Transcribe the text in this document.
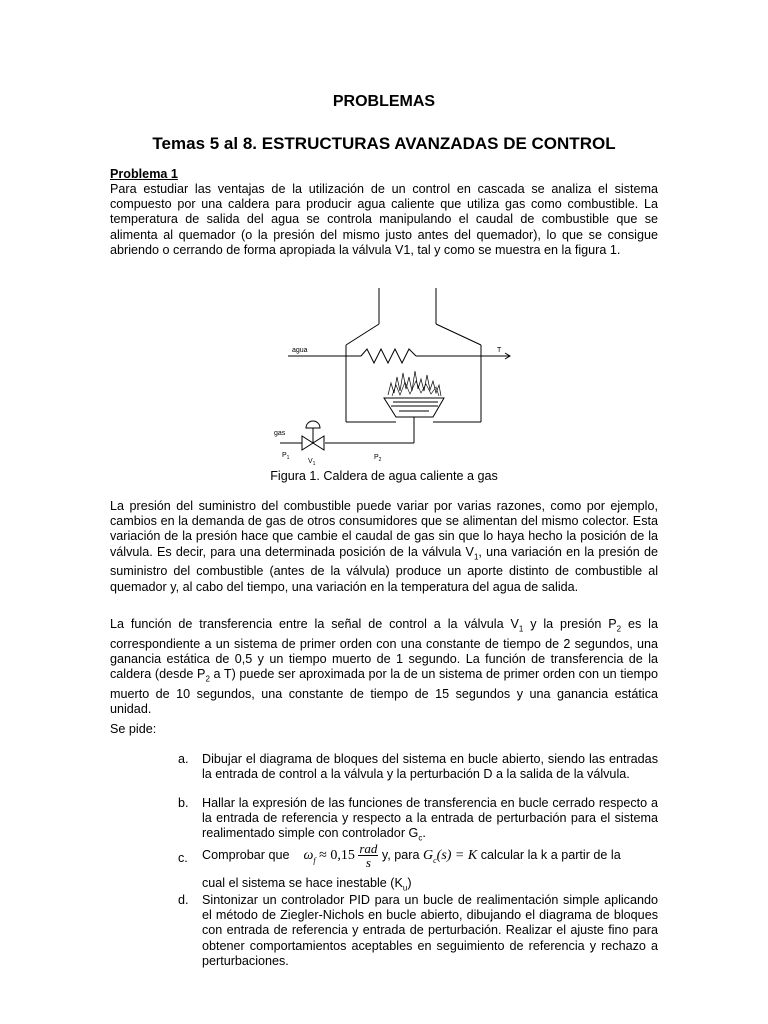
PROBLEMAS
Temas 5 al 8. ESTRUCTURAS AVANZADAS DE CONTROL
Problema 1

Para estudiar las ventajas de la utilización de un control en cascada se analiza el sistema compuesto por una caldera para producir agua caliente que utiliza gas como combustible. La temperatura de salida del agua se controla manipulando el caudal de combustible que se alimenta al quemador (o la presión del mismo justo antes del quemador), lo que se consigue abriendo o cerrando de forma apropiada la válvula V1, tal y como se muestra en la figura 1.

agua	T
gas
$P_1$	$V_1$
$P_2$
Figura 1. Caldera de agua caliente a gas

La presión del suministro del combustible puede variar por varias razones, como por ejemplo, cambios en la demanda de gas de otros consumidores que se alimentan del mismo colector. Esta variación de la presión hace que cambie el caudal de gas sin que lo haya hecho la posición de la válvula. Es decir, para una determinada posición de la válvula $V_1$, una variación en la presión de suministro del combustible (antes de la válvula) produce un aporte distinto de combustible al quemador y, al cabo del tiempo, una variación en la temperatura del agua de salida.

La función de transferencia entre la señal de control a la válvula $V_1$ y la presión $P_2$ es la correspondiente a un sistema de primer orden con una constante de tiempo de 2 segundos, una ganancia estática de 0,5 y un tiempo muerto de 1 segundo. La función de transferencia de la caldera (desde $P_2$ a T) puede ser aproximada por la de un sistema de primer orden con un tiempo muerto de 10 segundos, una constante de tiempo de 15 segundos y una ganancia estática unidad.

Se pide:
a.	Dibujar el diagrama de bloques del sistema en bucle abierto, siendo las entradas la entrada de control a la válvula y la perturbación D a la salida de la válvula.
b.	Hallar la expresión de las funciones de transferencia en bucle cerrado respecto a la entrada de referencia y respecto a la entrada de perturbación para el sistema realimentado simple con controlador $G_c$.
c.	Comprobar que $\omega_f \approx 0,15 \frac{\text{rad}}{s} y$, para $G_c(s) = K$ calcular la k a partir de la
cual el sistema se hace inestable $(K_u)$
d.	Sintonizar un controlador PID para un bucle de realimentación simple aplicando el método de Ziegler-Nichols en bucle abierto, dibujando el diagrama de bloques con entrada de referencia y entrada de perturbación. Realizar el ajuste fino para obtener comportamientos aceptables en seguimiento de referencia y rechazo a perturbaciones.
